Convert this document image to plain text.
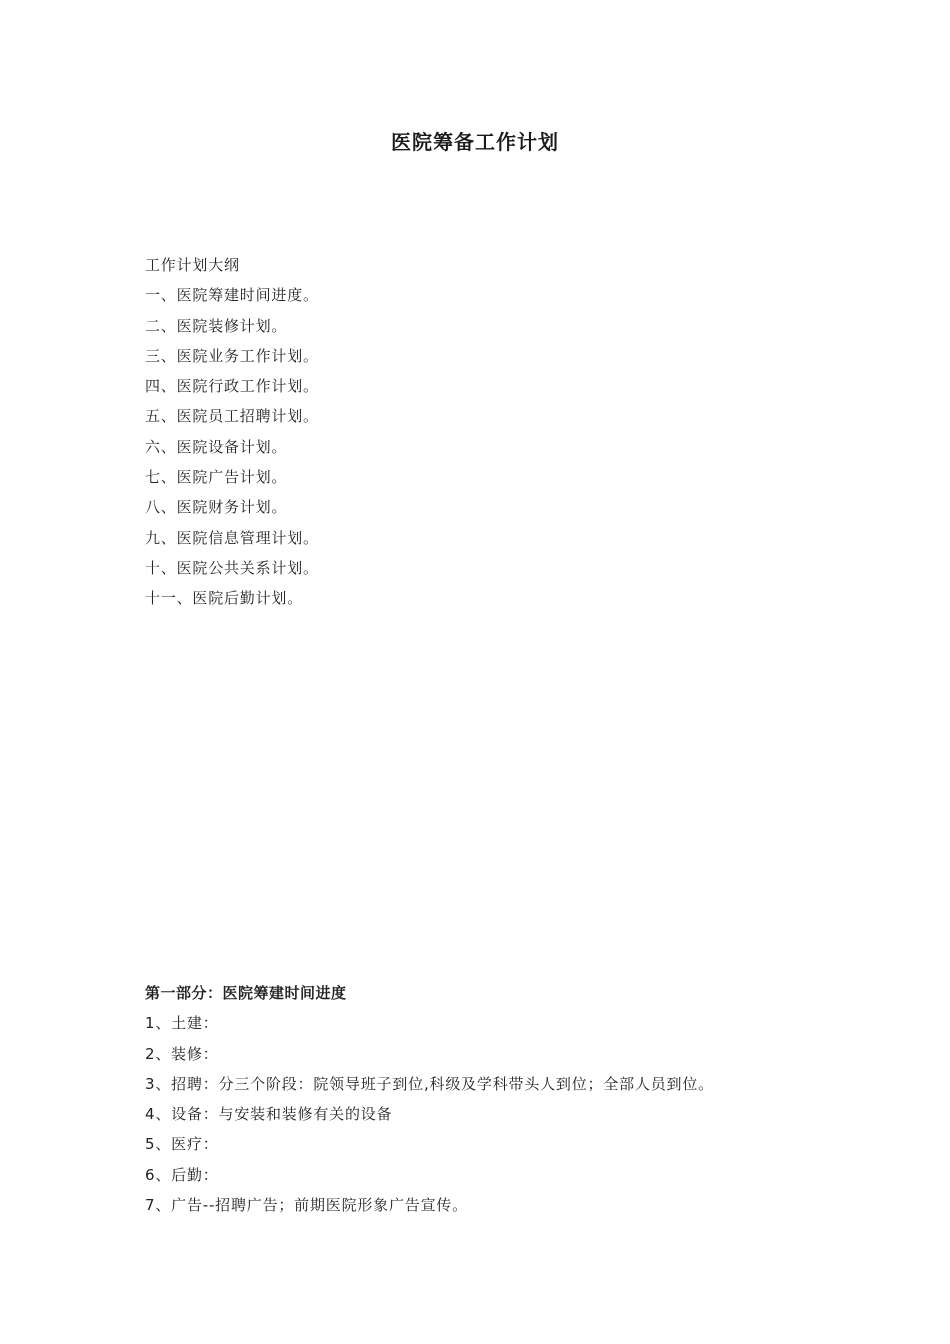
医院筹备工作计划
工作计划大纲
一、医院筹建时间进度。
二、医院装修计划。
三、医院业务工作计划。
四、医院行政工作计划。
五、医院员工招聘计划。
六、医院设备计划。
七、医院广告计划。
八、医院财务计划。
九、医院信息管理计划。
十、医院公共关系计划。
十一、医院后勤计划。
第一部分：医院筹建时间进度
1、土建：
2、装修：
3、招聘：分三个阶段：院领导班子到位,科级及学科带头人到位；全部人员到位。
4、设备：与安装和装修有关的设备
5、医疗：
6、后勤：
7、广告--招聘广告；前期医院形象广告宣传。
